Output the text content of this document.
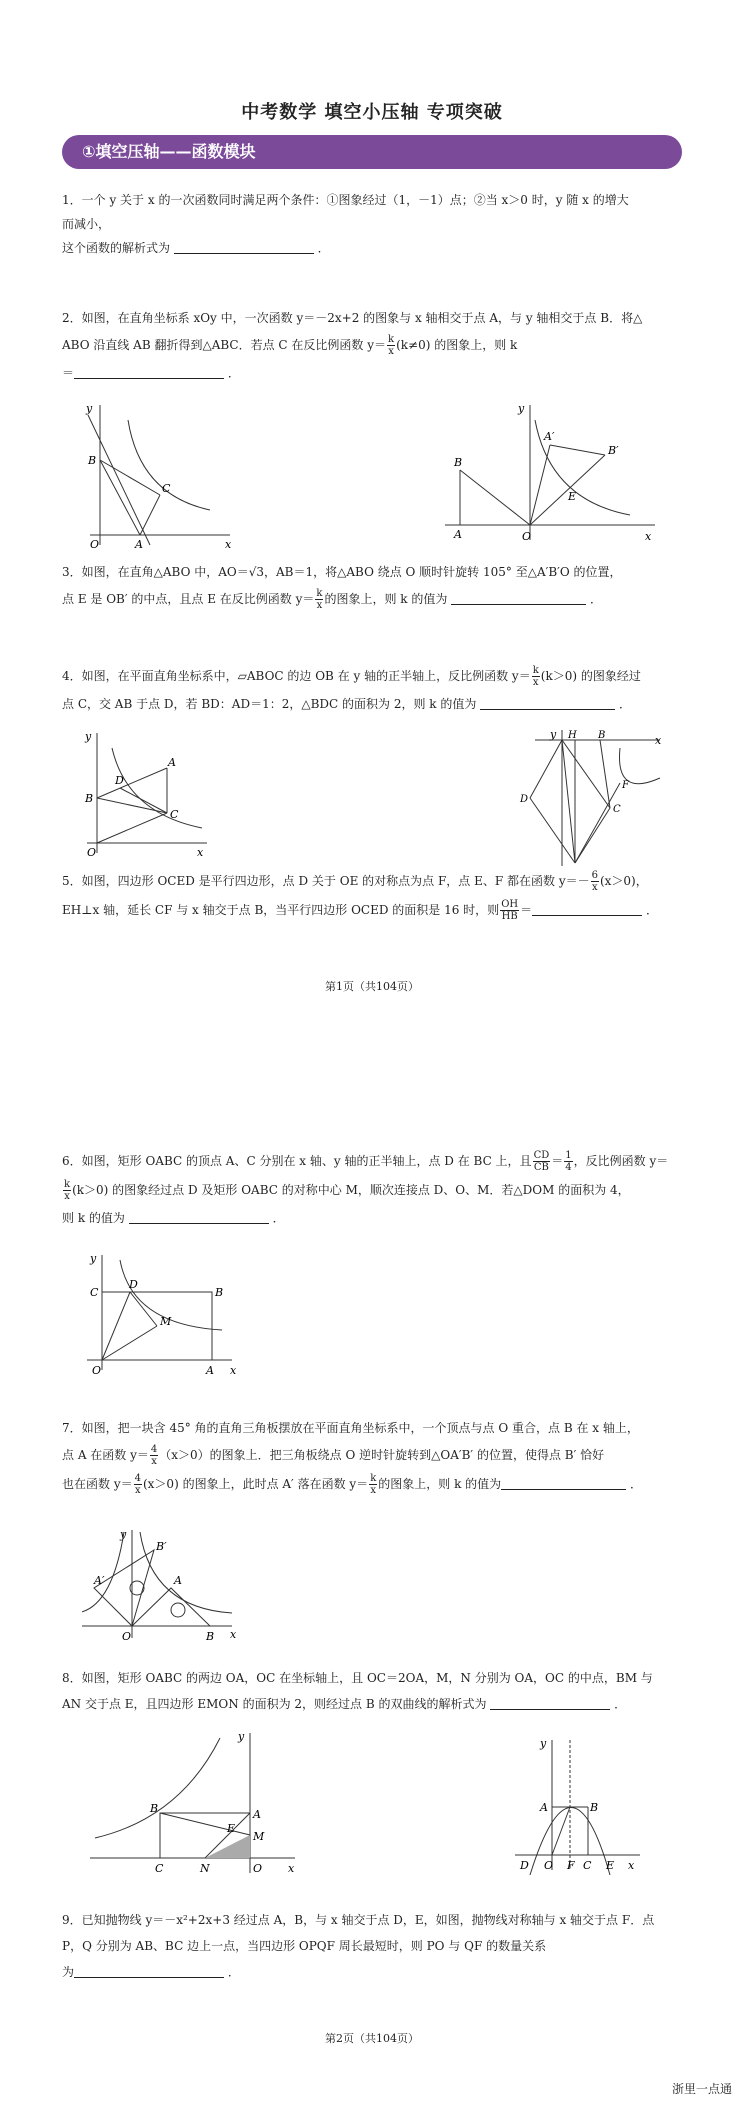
中考数学 填空小压轴 专项突破
①填空压轴——函数模块
1．一个 y 关于 x 的一次函数同时满足两个条件：①图象经过（1，－1）点；②当 x＞0 时，y 随 x 的增大
而减小，
这个函数的解析式为	．
2．如图，在直角坐标系 xOy 中，一次函数 y＝－2x+2 的图象与 x 轴相交于点 A，与 y 轴相交于点 B．将△
ABO 沿直线 AB 翻折得到△ABC．若点 C 在反比例函数 $y= \frac{k}{x} (k\ne 0)$ 的图象上，则 k
＝	．
x
y
O
B
A
C
x
y
O
B
A
A′
B′
E
3．如图，在直角△ABO 中，AO＝√3，AB＝1，将△ABO 绕点 O 顺时针旋转 105° 至△A′B′O 的位置，
点 E 是 OB′ 的中点，且点 E 在反比例函数 $y= \frac{k}{x}$ 的图象上，则 k 的值为	．
4．如图，在平面直角坐标系中，▱ABOC 的边 OB 在 y 轴的正半轴上，反比例函数 $y= \frac{k}{x} (k>0)$ 的图象经过
点 C，交 AB 于点 D，若 BD：AD＝1：2，△BDC 的面积为 2，则 k 的值为	．
x
y
O
B
A
D
C
x
y H B
D
C
F
5．如图，四边形 OCED 是平行四边形，点 D 关于 OE 的对称点为点 F，点 E、F 都在函数 $y=- \frac{6}{x} (x>0)$，
EH⊥x 轴，延长 CF 与 x 轴交于点 B，当平行四边形 OCED 的面积是 16 时，则 $\frac{OH}{HB}$ ＝	．
第1页（共104页）
6．如图，矩形 OABC 的顶点 A、C 分别在 x 轴、y 轴的正半轴上，点 D 在 BC 上，且 $\frac{CD}{CB} = \frac{1}{4}$ ，反比例函数 y＝
$\frac{k}{x} (k>0)$ 的图象经过点 D 及矩形 OABC 的对称中心 M，顺次连接点 D、O、M．若△DOM 的面积为 4，
则 k 的值为	．
x
y
O
C	B
A
D
M
7．如图，把一块含 45° 角的直角三角板摆放在平面直角坐标系中，一个顶点与点 O 重合，点 B 在 x 轴上，
点 A 在函数 $y= \frac{4}{x} (x>0)$的图象上．把三角板绕点 O 逆时针旋转到△OA′B′ 的位置，使得点 B′ 恰好
也在函数 $y= \frac{4}{x} (x>0)$ 的图象上，此时点 A′ 落在函数 $y= \frac{k}{x}$ 的图象上，则 k 的值为	．
x
y
O	B
A
B′
A′
8．如图，矩形 OABC 的两边 OA，OC 在坐标轴上，且 OC＝2OA，M，N 分别为 OA，OC 的中点，BM 与
AN 交于点 E，且四边形 EMON 的面积为 2，则经过点 B 的双曲线的解析式为	．
x
y
O
B	A
M
E
N
C
y
A	B
D O F C E x
9．已知抛物线 y＝－x²+2x+3 经过点 A，B，与 x 轴交于点 D，E，如图，抛物线对称轴与 x 轴交于点 F．点
P，Q 分别为 AB、BC 边上一点，当四边形 OPQF 周长最短时，则 PO 与 QF 的数量关系
为	．
第2页（共104页）
浙里一点通
